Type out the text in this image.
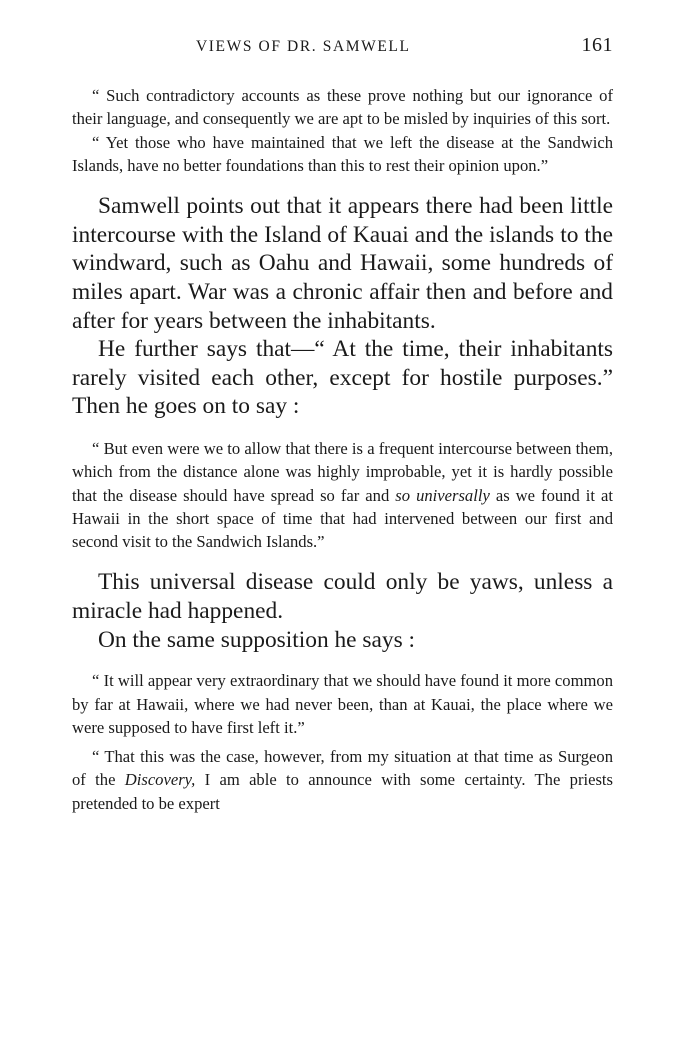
VIEWS OF DR. SAMWELL	161

“ Such contradictory accounts as these prove nothing but our ignorance of their language, and consequently we are apt to be misled by inquiries of this sort.

“ Yet those who have maintained that we left the disease at the Sandwich Islands, have no better foundations than this to rest their opinion upon.”

Samwell points out that it appears there had been little intercourse with the Island of Kauai and the islands to the windward, such as Oahu and Hawaii, some hundreds of miles apart. War was a chronic affair then and before and after for years between the inhabitants.

He further says that—“ At the time, their inhabitants rarely visited each other, except for hostile purposes.” Then he goes on to say :

“ But even were we to allow that there is a frequent intercourse between them, which from the distance alone was highly improbable, yet it is hardly possible that the disease should have spread so far and so universally as we found it at Hawaii in the short space of time that had intervened between our first and second visit to the Sandwich Islands.”

This universal disease could only be yaws, unless a miracle had happened.

On the same supposition he says :

“ It will appear very extraordinary that we should have found it more common by far at Hawaii, where we had never been, than at Kauai, the place where we were supposed to have first left it.”

“ That this was the case, however, from my situation at that time as Surgeon of the Discovery, I am able to announce with some certainty. The priests pretended to be expert
